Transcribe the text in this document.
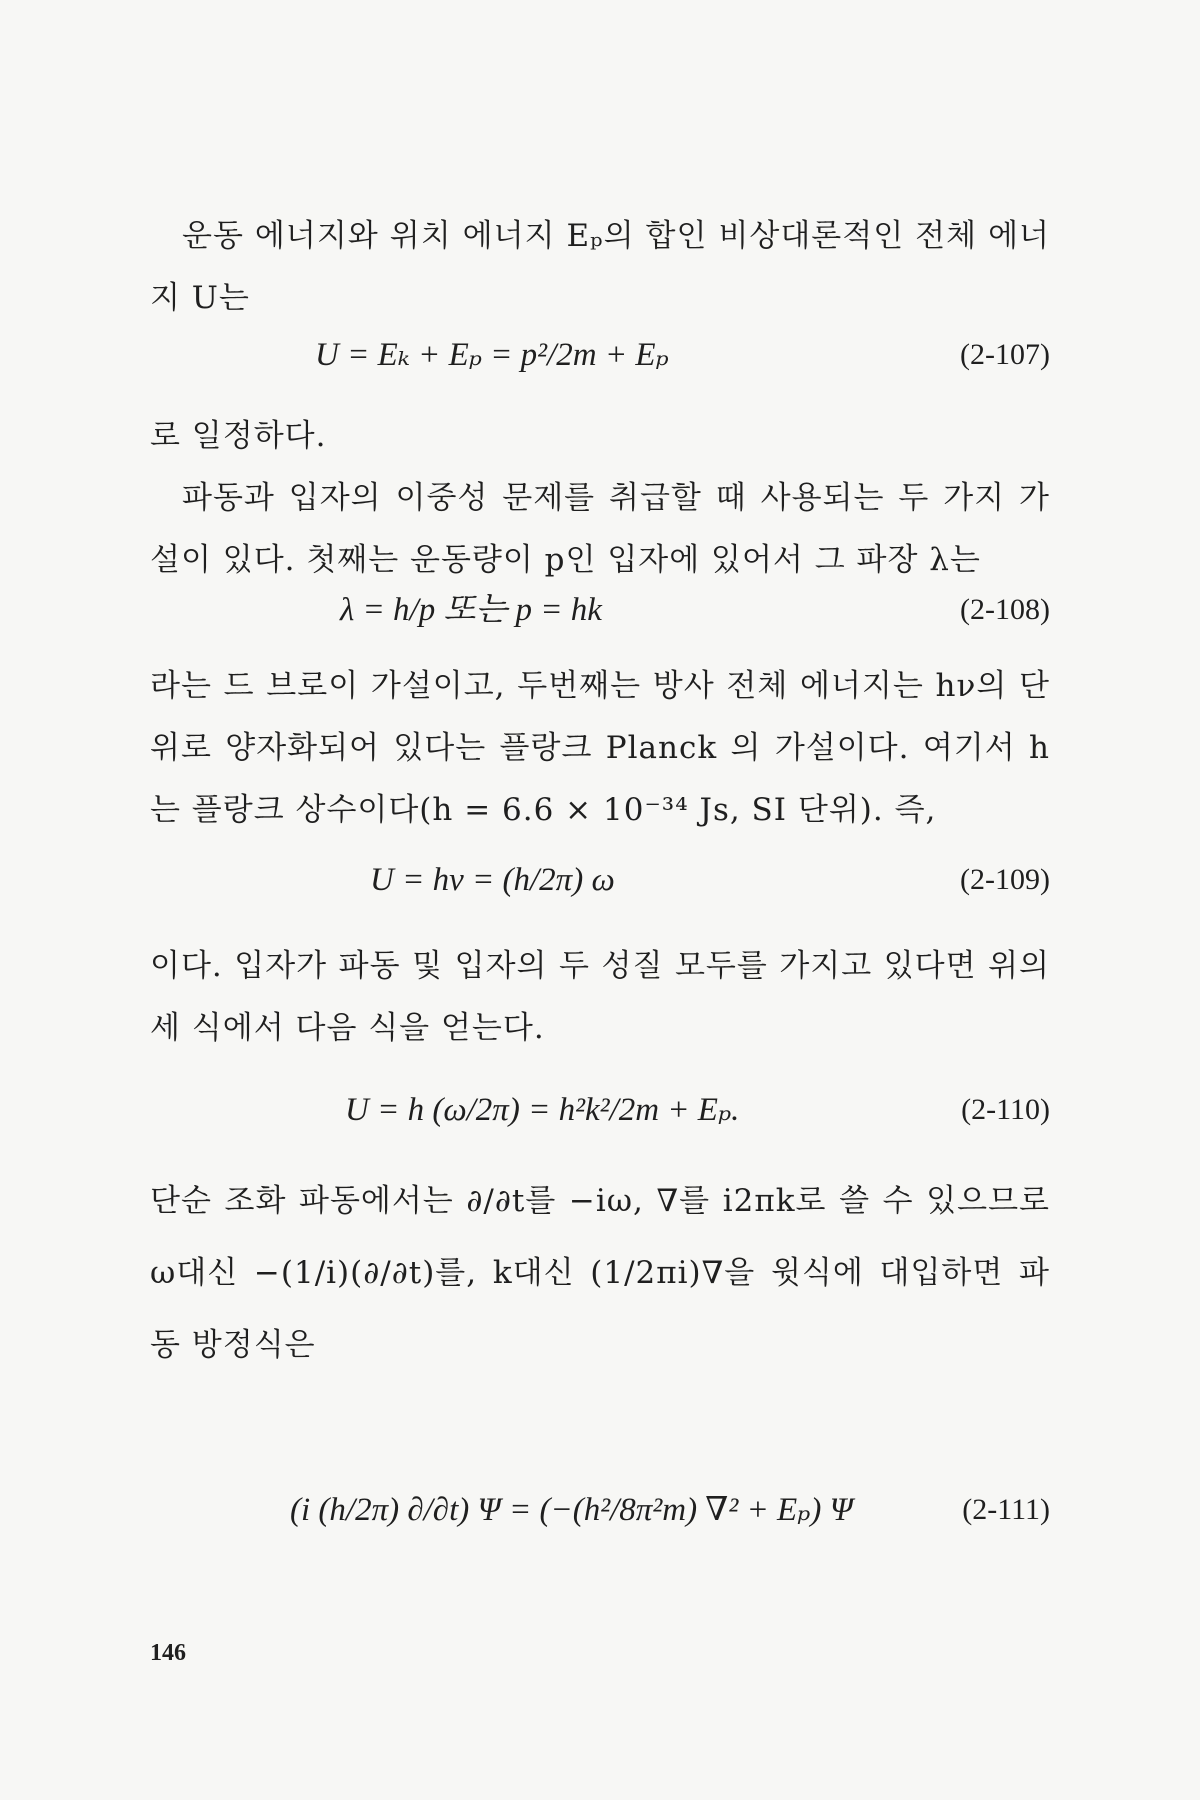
운동 에너지와 위치 에너지 Eₚ의 합인 비상대론적인 전체 에너지 U는
U = Eₖ + Eₚ = p²/2m + Eₚ	(2-107)
로 일정하다.
파동과 입자의 이중성 문제를 취급할 때 사용되는 두 가지 가설이 있다. 첫째는 운동량이 p인 입자에 있어서 그 파장 λ는
λ = h/p 또는 p = hk	(2-108)
라는 드 브로이 가설이고, 두번째는 방사 전체 에너지는 hν의 단위로 양자화되어 있다는 플랑크 Planck 의 가설이다. 여기서 h는 플랑크 상수이다(h = 6.6 × 10⁻³⁴ Js, SI 단위). 즉,
U = hν = (h/2π) ω	(2-109)
이다. 입자가 파동 및 입자의 두 성질 모두를 가지고 있다면 위의 세 식에서 다음 식을 얻는다.
U = h (ω/2π) = h²k²/2m + Eₚ.	(2-110)
단순 조화 파동에서는 ∂/∂t를 −iω, ∇를 i2πk로 쓸 수 있으므로 ω대신 −(1/i)(∂/∂t)를, k대신 (1/2πi)∇을 윗식에 대입하면 파동 방정식은
(i (h/2π) ∂/∂t) Ψ = (−(h²/8π²m) ∇² + Eₚ) Ψ	(2-111)
146
